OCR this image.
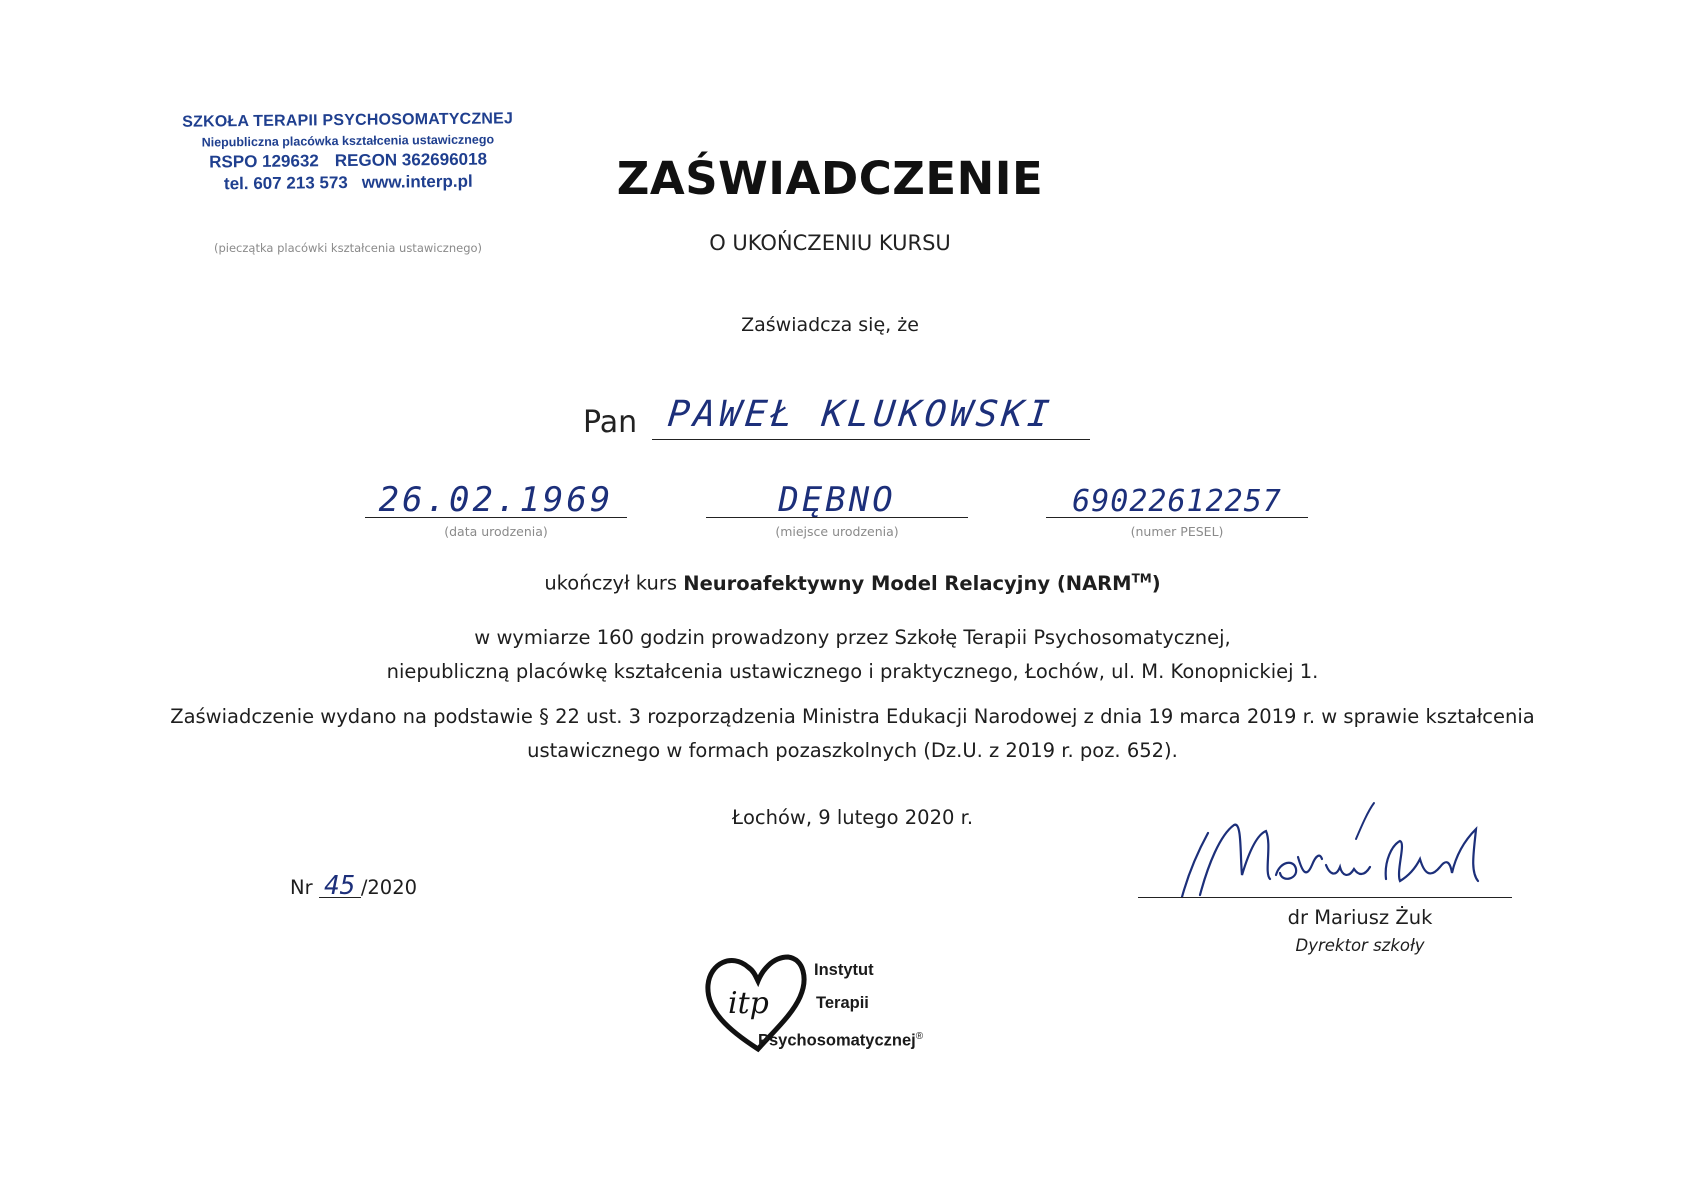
SZKOŁA TERAPII PSYCHOSOMATYCZNEJ
Niepubliczna placówka kształcenia ustawicznego
RSPO 129632 REGON 362696018
tel. 607 213 573 www.interp.pl
(pieczątka placówki kształcenia ustawicznego)
ZAŚWIADCZENIE
O UKOŃCZENIU KURSU
Zaświadcza się, że
Pan PAWEŁ KLUKOWSKI
26.02.1969
(data urodzenia)
DĘBNO
(miejsce urodzenia)
69022612257
(numer PESEL)
ukończył kurs Neuroafektywny Model Relacyjny (NARM™)
w wymiarze 160 godzin prowadzony przez Szkołę Terapii Psychosomatycznej,
niepubliczną placówkę kształcenia ustawicznego i praktycznego, Łochów, ul. M. Konopnickiej 1.
Zaświadczenie wydano na podstawie § 22 ust. 3 rozporządzenia Ministra Edukacji Narodowej z dnia 19 marca 2019 r. w sprawie kształcenia ustawicznego w formach pozaszkolnych (Dz.U. z 2019 r. poz. 652).
Łochów, 9 lutego 2020 r.
Nr 45 /2020
dr Mariusz Żuk
Dyrektor szkoły
itp
Instytut
Terapii
Psychosomatycznej®
